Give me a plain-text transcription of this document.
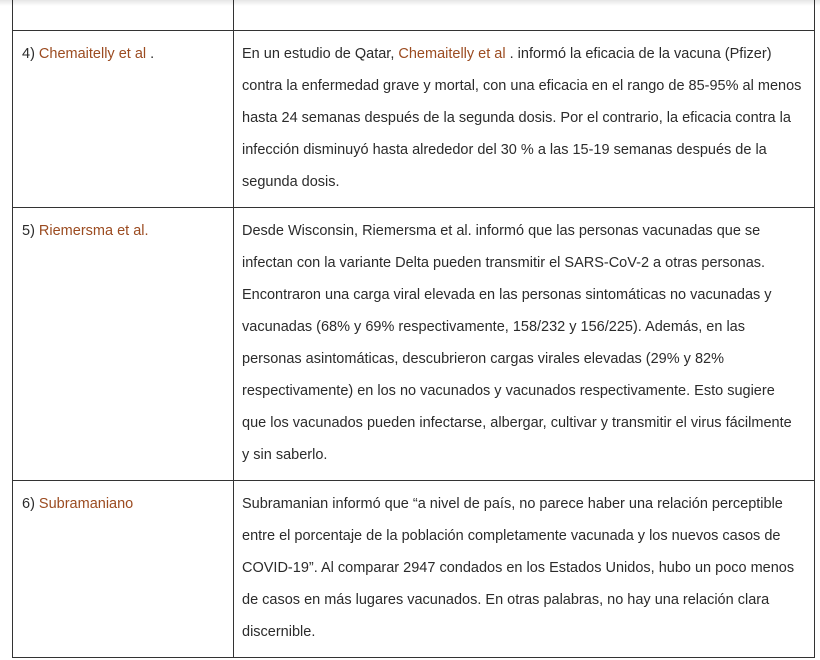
4) Chemaitelly et al .	En un estudio de Qatar, Chemaitelly et al . informó la eficacia de la vacuna (Pfizer) contra la enfermedad grave y mortal, con una eficacia en el rango de 85-95% al menos hasta 24 semanas después de la segunda dosis. Por el contrario, la eficacia contra la infección disminuyó hasta alrededor del 30 % a las 15-19 semanas después de la segunda dosis.
5) Riemersma et al.	Desde Wisconsin, Riemersma et al. informó que las personas vacunadas que se infectan con la variante Delta pueden transmitir el SARS-CoV-2 a otras personas. Encontraron una carga viral elevada en las personas sintomáticas no vacunadas y vacunadas (68% y 69% respectivamente, 158/232 y 156/225). Además, en las personas asintomáticas, descubrieron cargas virales elevadas (29% y 82% respectivamente) en los no vacunados y vacunados respectivamente. Esto sugiere que los vacunados pueden infectarse, albergar, cultivar y transmitir el virus fácilmente y sin saberlo.
6) Subramaniano	Subramanian informó que “a nivel de país, no parece haber una relación perceptible entre el porcentaje de la población completamente vacunada y los nuevos casos de COVID-19”. Al comparar 2947 condados en los Estados Unidos, hubo un poco menos de casos en más lugares vacunados. En otras palabras, no hay una relación clara discernible.
